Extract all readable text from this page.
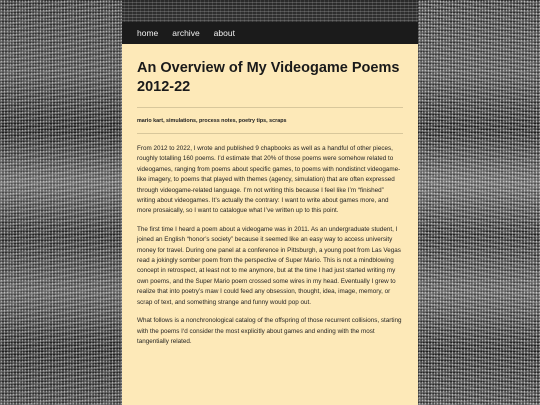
home archive about
An Overview of My Videogame Poems 2012-22
mario kart, simulations, process notes, poetry tips, scraps

From 2012 to 2022, I wrote and published 9 chapbooks as well as a handful of other pieces, roughly totalling 160 poems. I’d estimate that 20% of those poems were somehow related to videogames, ranging from poems about specific games, to poems with nondistinct videogame-like imagery, to poems that played with themes (agency, simulation) that are often expressed through videogame-related language. I’m not writing this because I feel like I’m “finished” writing about videogames. It’s actually the contrary: I want to write about games more, and more prosaically, so I want to catalogue what I’ve written up to this point.

The first time I heard a poem about a videogame was in 2011. As an undergraduate student, I joined an English “honor’s society” because it seemed like an easy way to access university money for travel. During one panel at a conference in Pittsburgh, a young poet from Las Vegas read a jokingly somber poem from the perspective of Super Mario. This is not a mindblowing concept in retrospect, at least not to me anymore, but at the time I had just started writing my own poems, and the Super Mario poem crossed some wires in my head. Eventually I grew to realize that into poetry’s maw I could feed any obsession, thought, idea, image, memory, or scrap of text, and something strange and funny would pop out.

What follows is a nonchronological catalog of the offspring of those recurrent collisions, starting with the poems I‘d consider the most explicitly about games and ending with the most tangentially related.
